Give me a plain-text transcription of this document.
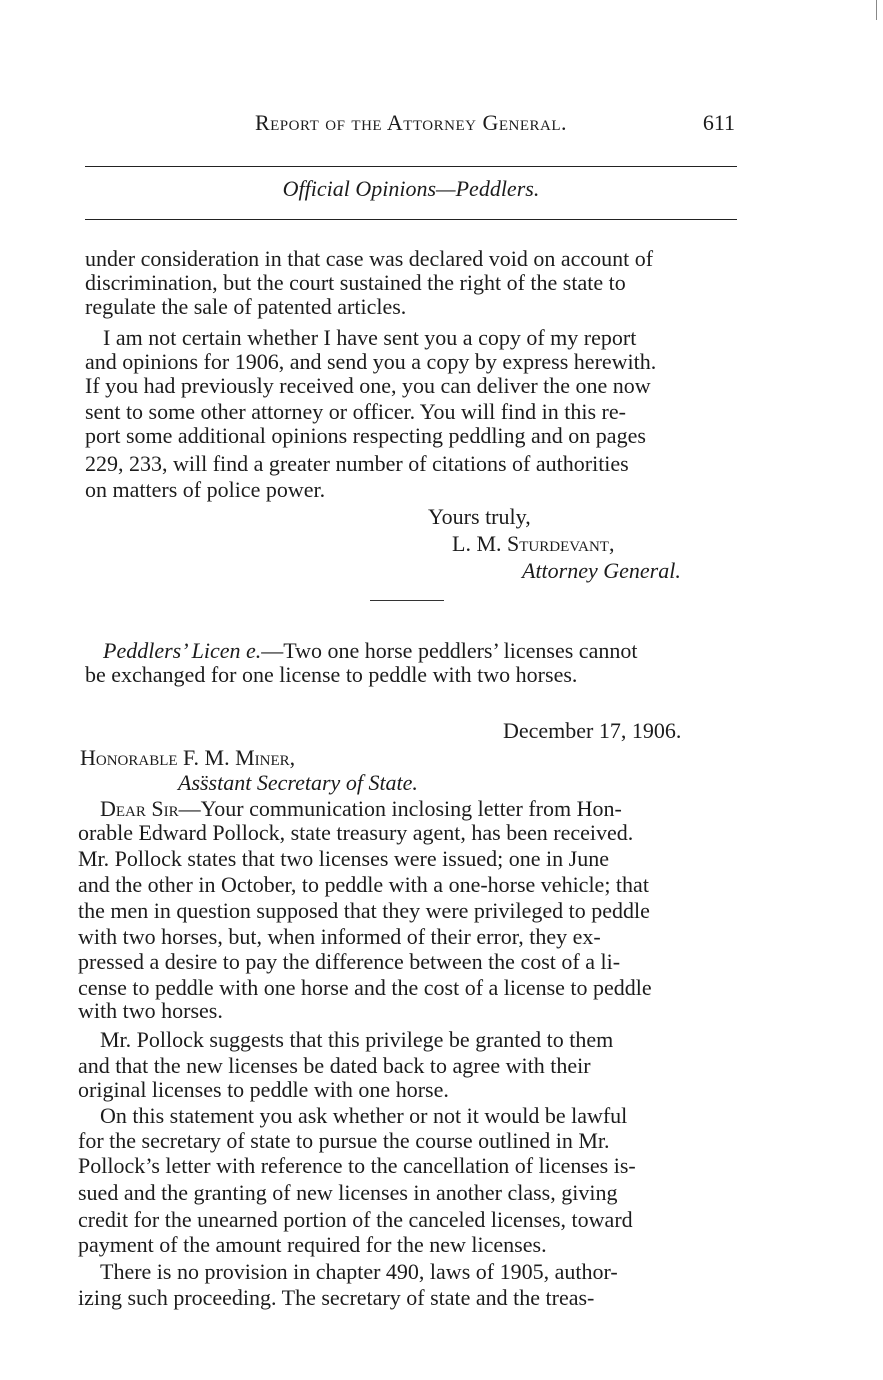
Report of the Attorney General.	611
Official Opinions—Peddlers.
under consideration in that case was declared void on account of
discrimination, but the court sustained the right of the state to
regulate the sale of patented articles.
I am not certain whether I have sent you a copy of my report
and opinions for 1906, and send you a copy by express herewith.
If you had previously received one, you can deliver the one now
sent to some other attorney or officer. You will find in this re-
port some additional opinions respecting peddling and on pages
229, 233, will find a greater number of citations of authorities
on matters of police power.
Yours truly,
L. M. Sturdevant,
Attorney General.
Peddlers’ Licen e.—Two one horse peddlers’ licenses cannot
be exchanged for one license to peddle with two horses.
December 17, 1906.
Honorable F. M. Miner,
Ass̈stant Secretary of State.
Dear Sir—Your communication inclosing letter from Hon-
orable Edward Pollock, state treasury agent, has been received.
Mr. Pollock states that two licenses were issued; one in June
and the other in October, to peddle with a one-horse vehicle; that
the men in question supposed that they were privileged to peddle
with two horses, but, when informed of their error, they ex-
pressed a desire to pay the difference between the cost of a li-
cense to peddle with one horse and the cost of a license to peddle
with two horses.
Mr. Pollock suggests that this privilege be granted to them
and that the new licenses be dated back to agree with their
original licenses to peddle with one horse.
On this statement you ask whether or not it would be lawful
for the secretary of state to pursue the course outlined in Mr.
Pollock’s letter with reference to the cancellation of licenses is-
sued and the granting of new licenses in another class, giving
credit for the unearned portion of the canceled licenses, toward
payment of the amount required for the new licenses.
There is no provision in chapter 490, laws of 1905, author-
izing such proceeding. The secretary of state and the treas-
